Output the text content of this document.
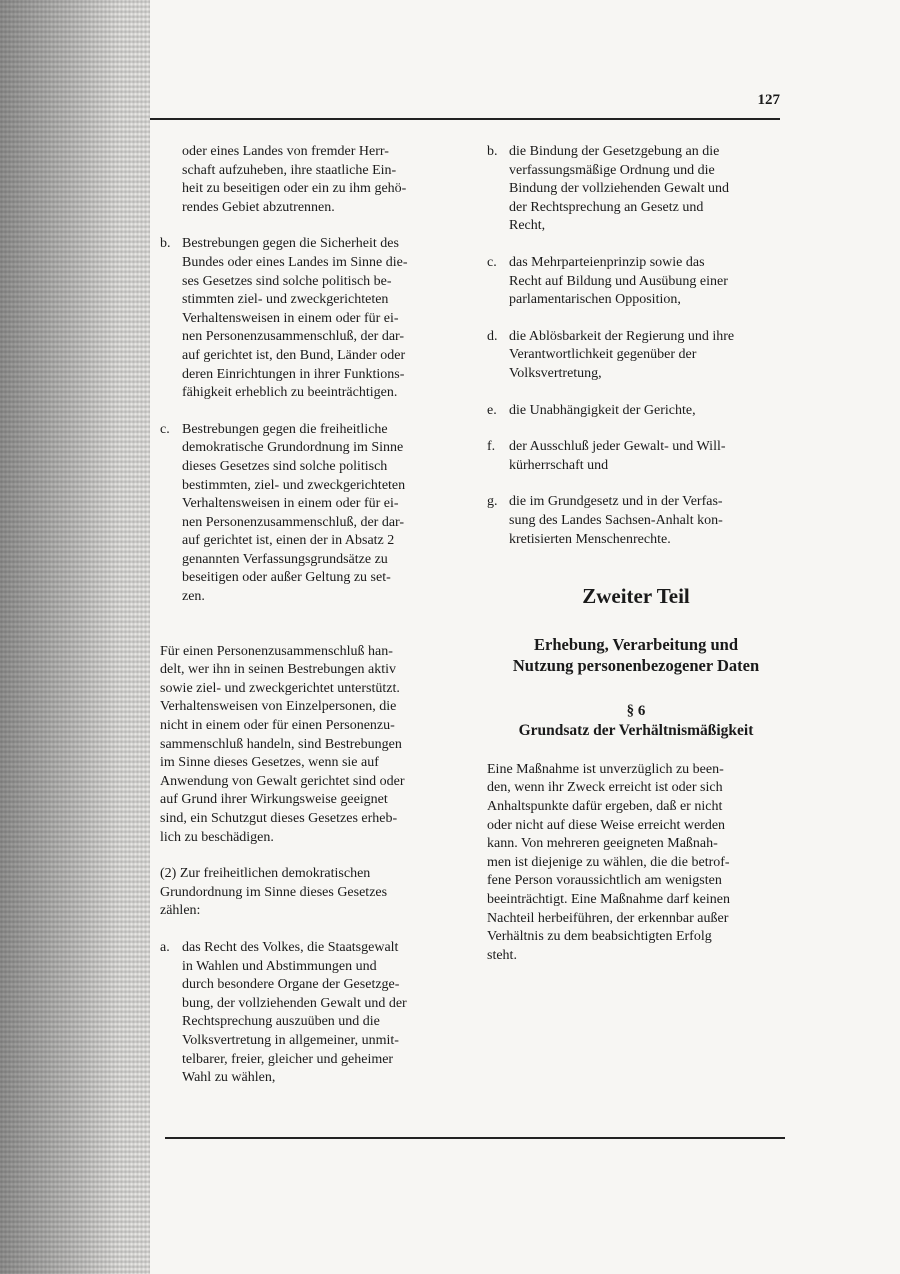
127
oder eines Landes von fremder Herr-
schaft aufzuheben, ihre staatliche Ein-
heit zu beseitigen oder ein zu ihm gehö-
rendes Gebiet abzutrennen.
b. Bestrebungen gegen die Sicherheit des
Bundes oder eines Landes im Sinne die-
ses Gesetzes sind solche politisch be-
stimmten ziel- und zweckgerichteten
Verhaltensweisen in einem oder für ei-
nen Personenzusammenschluß, der dar-
auf gerichtet ist, den Bund, Länder oder
deren Einrichtungen in ihrer Funktions-
fähigkeit erheblich zu beeinträchtigen.
c. Bestrebungen gegen die freiheitliche
demokratische Grundordnung im Sinne
dieses Gesetzes sind solche politisch
bestimmten, ziel- und zweckgerichteten
Verhaltensweisen in einem oder für ei-
nen Personenzusammenschluß, der dar-
auf gerichtet ist, einen der in Absatz 2
genannten Verfassungsgrundsätze zu
beseitigen oder außer Geltung zu set-
zen.
Für einen Personenzusammenschluß han-
delt, wer ihn in seinen Bestrebungen aktiv
sowie ziel- und zweckgerichtet unterstützt.
Verhaltensweisen von Einzelpersonen, die
nicht in einem oder für einen Personenzu-
sammenschluß handeln, sind Bestrebungen
im Sinne dieses Gesetzes, wenn sie auf
Anwendung von Gewalt gerichtet sind oder
auf Grund ihrer Wirkungsweise geeignet
sind, ein Schutzgut dieses Gesetzes erheb-
lich zu beschädigen.
(2) Zur freiheitlichen demokratischen
Grundordnung im Sinne dieses Gesetzes
zählen:
a. das Recht des Volkes, die Staatsgewalt
in Wahlen und Abstimmungen und
durch besondere Organe der Gesetzge-
bung, der vollziehenden Gewalt und der
Rechtsprechung auszuüben und die
Volksvertretung in allgemeiner, unmit-
telbarer, freier, gleicher und geheimer
Wahl zu wählen,
b. die Bindung der Gesetzgebung an die
verfassungsmäßige Ordnung und die
Bindung der vollziehenden Gewalt und
der Rechtsprechung an Gesetz und
Recht,
c. das Mehrparteienprinzip sowie das
Recht auf Bildung und Ausübung einer
parlamentarischen Opposition,
d. die Ablösbarkeit der Regierung und ihre
Verantwortlichkeit gegenüber der
Volksvertretung,
e. die Unabhängigkeit der Gerichte,
f. der Ausschluß jeder Gewalt- und Will-
kürherrschaft und
g. die im Grundgesetz und in der Verfas-
sung des Landes Sachsen-Anhalt kon-
kretisierten Menschenrechte.
Zweiter Teil
Erhebung, Verarbeitung und
Nutzung personenbezogener Daten
§ 6
Grundsatz der Verhältnismäßigkeit
Eine Maßnahme ist unverzüglich zu been-
den, wenn ihr Zweck erreicht ist oder sich
Anhaltspunkte dafür ergeben, daß er nicht
oder nicht auf diese Weise erreicht werden
kann. Von mehreren geeigneten Maßnah-
men ist diejenige zu wählen, die die betrof-
fene Person voraussichtlich am wenigsten
beeinträchtigt. Eine Maßnahme darf keinen
Nachteil herbeiführen, der erkennbar außer
Verhältnis zu dem beabsichtigten Erfolg
steht.
